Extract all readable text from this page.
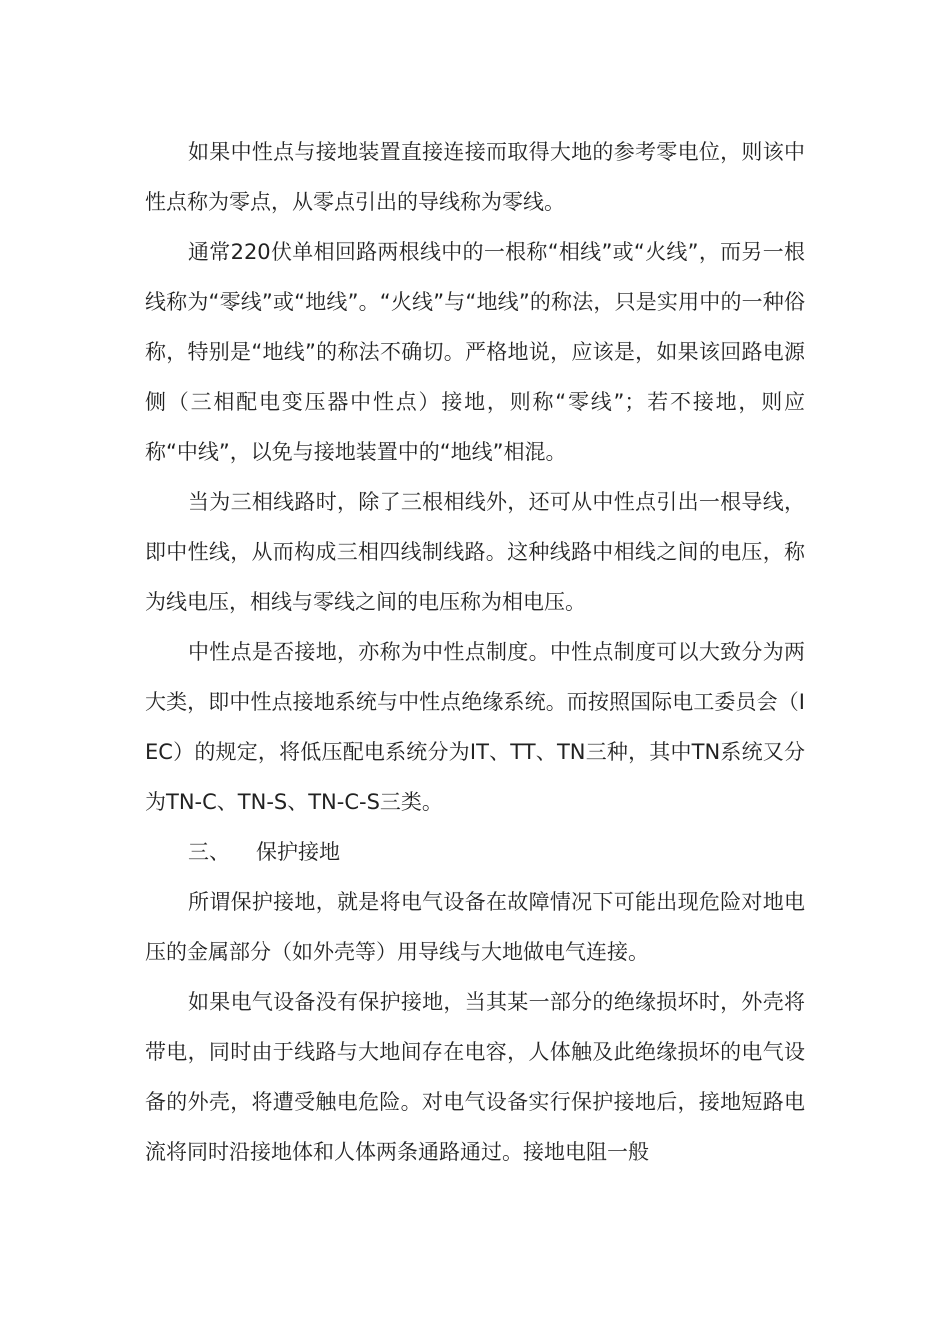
如果中性点与接地装置直接连接而取得大地的参考零电位，则该中性点称为零点，从零点引出的导线称为零线。

通常220伏单相回路两根线中的一根称“相线”或“火线”，而另一根线称为“零线”或“地线”。“火线”与“地线”的称法，只是实用中的一种俗称，特别是“地线”的称法不确切。严格地说，应该是，如果该回路电源侧（三相配电变压器中性点）接地，则称“零线”；若不接地，则应称“中线”，以免与接地装置中的“地线”相混。

当为三相线路时，除了三根相线外，还可从中性点引出一根导线，即中性线，从而构成三相四线制线路。这种线路中相线之间的电压，称为线电压，相线与零线之间的电压称为相电压。

中性点是否接地，亦称为中性点制度。中性点制度可以大致分为两大类，即中性点接地系统与中性点绝缘系统。而按照国际电工委员会（IEC）的规定，将低压配电系统分为IT、TT、TN三种，其中TN系统又分为TN-C、TN-S、TN-C-S三类。

三、 保护接地

所谓保护接地，就是将电气设备在故障情况下可能出现危险对地电压的金属部分（如外壳等）用导线与大地做电气连接。

如果电气设备没有保护接地，当其某一部分的绝缘损坏时，外壳将带电，同时由于线路与大地间存在电容，人体触及此绝缘损坏的电气设备的外壳，将遭受触电危险。对电气设备实行保护接地后，接地短路电流将同时沿接地体和人体两条通路通过。接地电阻一般
